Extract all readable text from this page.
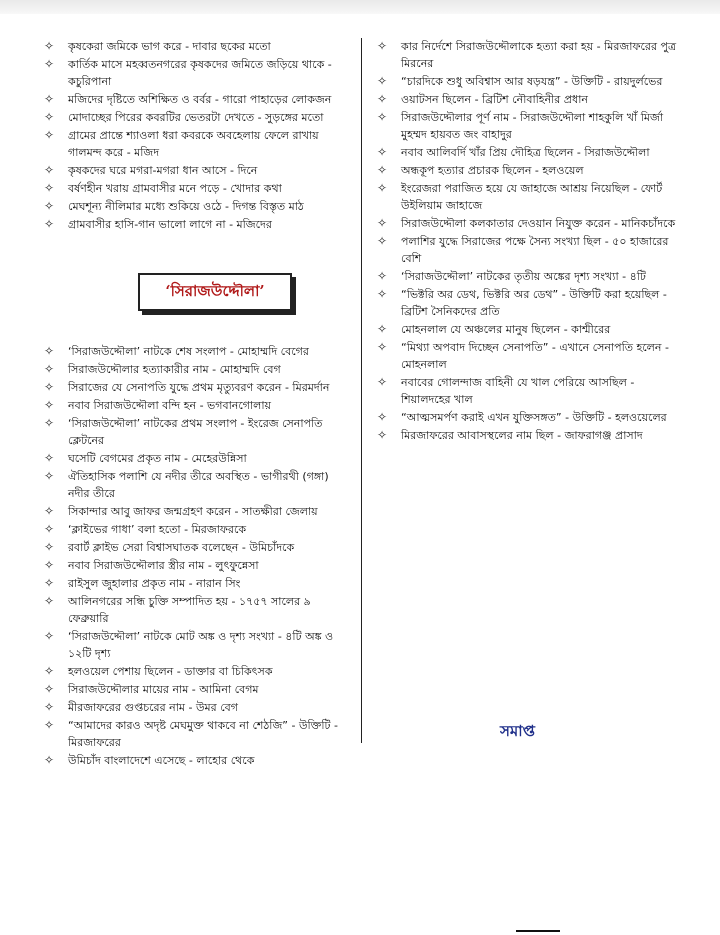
✧ কৃষকেরা জমিকে ভাগ করে - দাবার ছকের মতো
✧ কার্তিক মাসে মহব্বতনগরের কৃষকদের জমিতে জড়িয়ে থাকে - কচুরিপানা
✧ মজিদের দৃষ্টিতে অশিক্ষিত ও বর্বর - গারো পাহাড়ের লোকজন
✧ মোদাচ্ছের পিরের কবরটির ভেতরটা দেখতে - সুড়ঙ্গের মতো
✧ গ্রামের প্রান্তে শ্যাওলা ধরা কবরকে অবহেলায় ফেলে রাখায় গালমন্দ করে - মজিদ
✧ কৃষকদের ঘরে মগরা-মগরা ধান আসে - দিনে
✧ বর্ষণহীন খরায় গ্রামবাসীর মনে পড়ে - খোদার কথা
✧ মেঘশূন্য নীলিমার মধ্যে শুকিয়ে ওঠে - দিগন্ত বিস্তৃত মাঠ
✧ গ্রামবাসীর হাসি-গান ভালো লাগে না - মজিদের
‘সিরাজউদ্দৌলা’
✧ ‘সিরাজউদ্দৌলা’ নাটকে শেষ সংলাপ - মোহাম্মদি বেগের
✧ সিরাজউদ্দৌলার হত্যাকারীর নাম - মোহাম্মদি বেগ
✧ সিরাজের যে সেনাপতি যুদ্ধে প্রথম মৃত্যুবরণ করেন - মিরমর্দান
✧ নবাব সিরাজউদ্দৌলা বন্দি হন - ভগবানগোলায়
✧ ‘সিরাজউদ্দৌলা’ নাটকের প্রথম সংলাপ - ইংরেজ সেনাপতি ক্লেটনের
✧ ঘসেটি বেগমের প্রকৃত নাম - মেহেরউন্নিসা
✧ ঐতিহাসিক পলাশি যে নদীর তীরে অবস্থিত - ভাগীরথী (গঙ্গা) নদীর তীরে
✧ সিকান্দার আবু জাফর জন্মগ্রহণ করেন - সাতক্ষীরা জেলায়
✧ ‘ক্লাইভের গাধা’ বলা হতো - মিরজাফরকে
✧ রবার্ট ক্লাইভ সেরা বিশ্বাসঘাতক বলেছেন - উমিচাঁদকে
✧ নবাব সিরাজউদ্দৌলার স্ত্রীর নাম - লুৎফুন্নেসা
✧ রাইসুল জুহালার প্রকৃত নাম - নারান সিং
✧ আলিনগরের সন্ধি চুক্তি সম্পাদিত হয় - ১৭৫৭ সালের ৯ ফেব্রুয়ারি
✧ ‘সিরাজউদ্দৌলা’ নাটকে মোট অঙ্ক ও দৃশ্য সংখ্যা - ৪টি অঙ্ক ও ১২টি দৃশ্য
✧ হলওয়েল পেশায় ছিলেন - ডাক্তার বা চিকিৎসক
✧ সিরাজউদ্দৌলার মায়ের নাম - আমিনা বেগম
✧ মীরজাফরের গুপ্তচরের নাম - উমর বেগ
✧ “আমাদের কারও অদৃষ্ট মেঘমুক্ত থাকবে না শেঠজি” - উক্তিটি - মিরজাফরের
✧ উমিচাঁদ বাংলাদেশে এসেছে - লাহোর থেকে
✧ কার নির্দেশে সিরাজউদ্দৌলাকে হত্যা করা হয় - মিরজাফরের পুত্র মিরনের
✧ “চারদিকে শুধু অবিশ্বাস আর ষড়যন্ত্র” - উক্তিটি - রায়দুর্লভের
✧ ওয়াটসন ছিলেন - ব্রিটিশ নৌবাহিনীর প্রধান
✧ সিরাজউদ্দৌলার পূর্ণ নাম - সিরাজউদ্দৌলা শাহকুলি খাঁ মির্জা মুহম্মদ হায়বত জং বাহাদুর
✧ নবাব আলিবর্দি খাঁর প্রিয় দৌহিত্র ছিলেন - সিরাজউদ্দৌলা
✧ অন্ধকূপ হত্যার প্রচারক ছিলেন - হলওয়েল
✧ ইংরেজরা পরাজিত হয়ে যে জাহাজে আশ্রয় নিয়েছিল - ফোর্ট উইলিয়াম জাহাজে
✧ সিরাজউদ্দৌলা কলকাতার দেওয়ান নিযুক্ত করেন - মানিকচাঁদকে
✧ পলাশির যুদ্ধে সিরাজের পক্ষে সৈন্য সংখ্যা ছিল - ৫০ হাজারের বেশি
✧ ‘সিরাজউদ্দৌলা’ নাটকের তৃতীয় অঙ্কের দৃশ্য সংখ্যা - ৪টি
✧ “ভিক্টরি অর ডেথ, ভিক্টরি অর ডেথ” - উক্তিটি করা হয়েছিল - ব্রিটিশ সৈনিকদের প্রতি
✧ মোহনলাল যে অঞ্চলের মানুষ ছিলেন - কাশ্মীরের
✧ “মিথ্যা অপবাদ দিচ্ছেন সেনাপতি” - এখানে সেনাপতি হলেন - মোহনলাল
✧ নবাবের গোলন্দাজ বাহিনী যে খাল পেরিয়ে আসছিল - শিয়ালদহের খাল
✧ “আত্মসমর্পণ করাই এখন যুক্তিসঙ্গত” - উক্তিটি - হলওয়েলের
✧ মিরজাফরের আবাসস্থলের নাম ছিল - জাফরাগঞ্জ প্রাসাদ
সমাপ্ত
